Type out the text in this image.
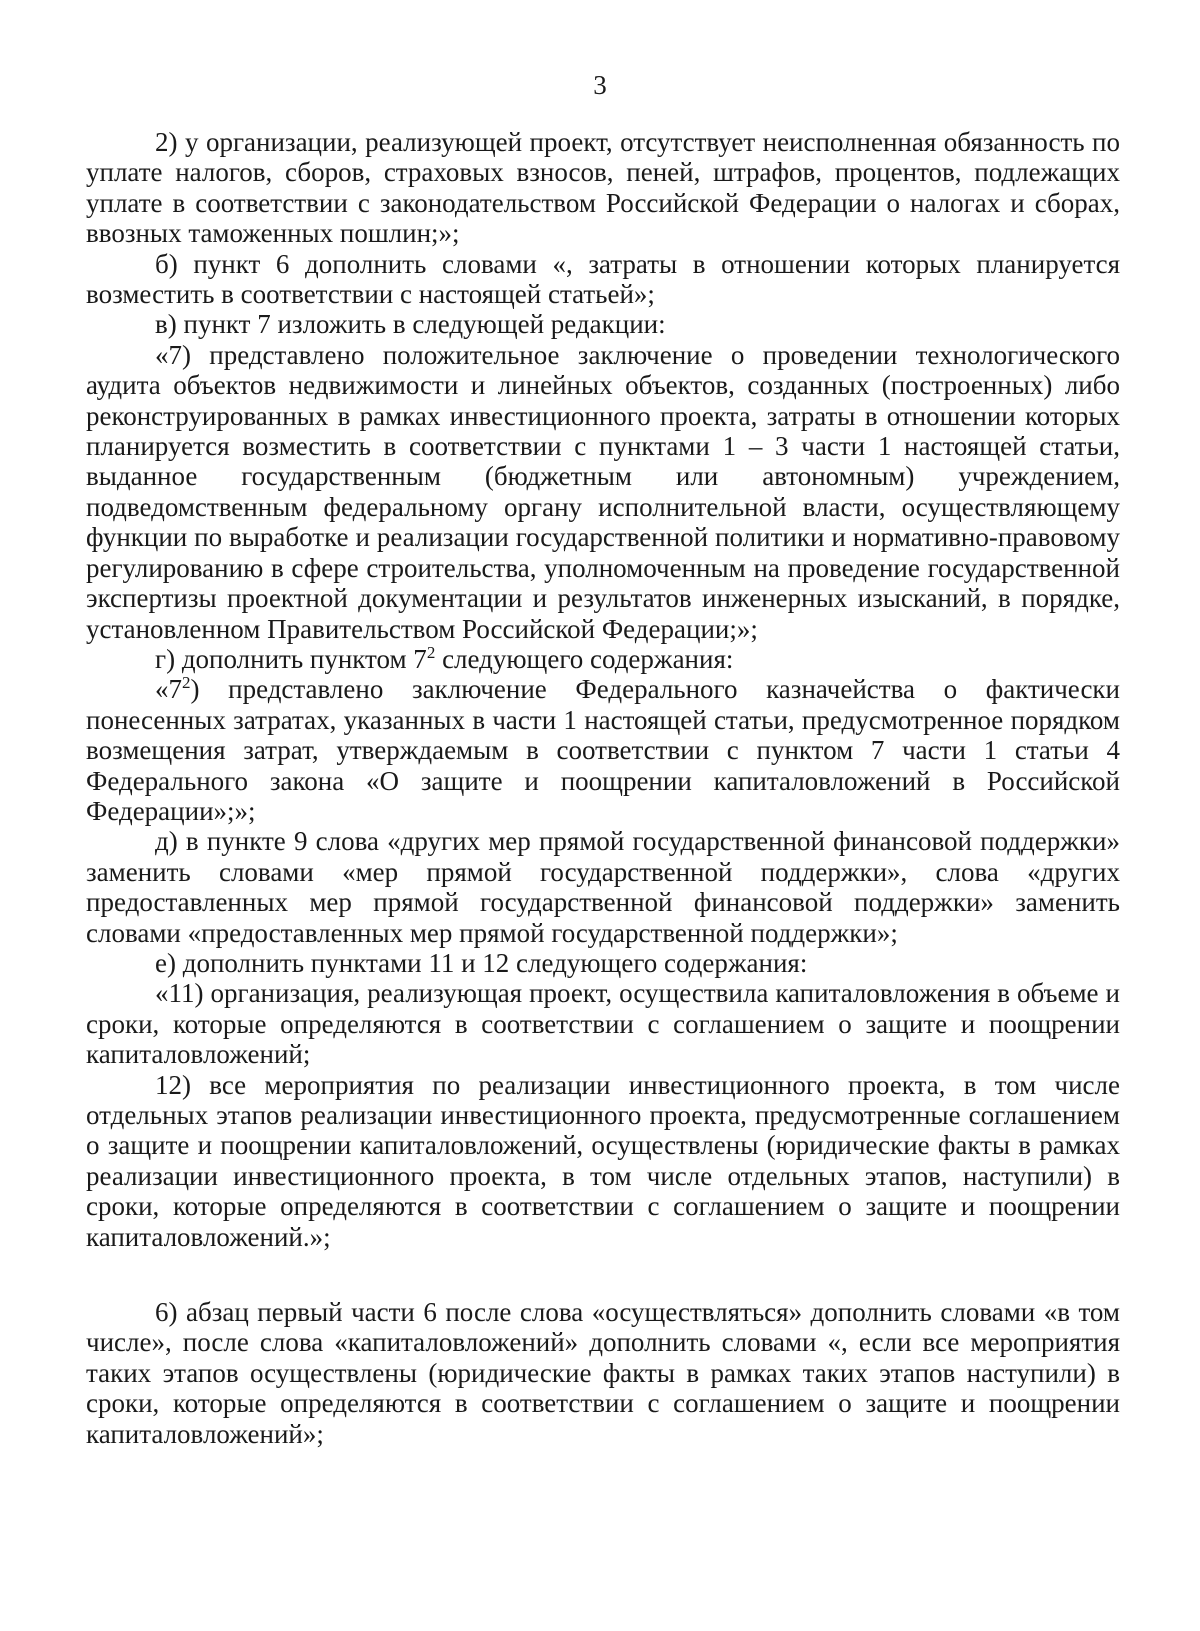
3

2) у организации, реализующей проект, отсутствует неисполненная обязанность по уплате налогов, сборов, страховых взносов, пеней, штрафов, процентов, подлежащих уплате в соответствии с законодательством Российской Федерации о налогах и сборах, ввозных таможенных пошлин;»;

б) пункт 6 дополнить словами «, затраты в отношении которых планируется возместить в соответствии с настоящей статьей»;

в) пункт 7 изложить в следующей редакции:

«7) представлено положительное заключение о проведении технологического аудита объектов недвижимости и линейных объектов, созданных (построенных) либо реконструированных в рамках инвестиционного проекта, затраты в отношении которых планируется возместить в соответствии с пунктами 1 – 3 части 1 настоящей статьи, выданное государственным (бюджетным или автономным) учреждением, подведомственным федеральному органу исполнительной власти, осуществляющему функции по выработке и реализации государственной политики и нормативно-правовому регулированию в сфере строительства, уполномоченным на проведение государственной экспертизы проектной документации и результатов инженерных изысканий, в порядке, установленном Правительством Российской Федерации;»;

г) дополнить пунктом $7^2$ следующего содержания:

«$7^2$) представлено заключение Федерального казначейства о фактически понесенных затратах, указанных в части 1 настоящей статьи, предусмотренное порядком возмещения затрат, утверждаемым в соответствии с пунктом 7 части 1 статьи 4 Федерального закона «О защите и поощрении капиталовложений в Российской Федерации»;»;

д) в пункте 9 слова «других мер прямой государственной финансовой поддержки» заменить словами «мер прямой государственной поддержки», слова «других предоставленных мер прямой государственной финансовой поддержки» заменить словами «предоставленных мер прямой государственной поддержки»;

е) дополнить пунктами 11 и 12 следующего содержания:

«11) организация, реализующая проект, осуществила капиталовложения в объеме и сроки, которые определяются в соответствии с соглашением о защите и поощрении капиталовложений;

12) все мероприятия по реализации инвестиционного проекта, в том числе отдельных этапов реализации инвестиционного проекта, предусмотренные соглашением о защите и поощрении капиталовложений, осуществлены (юридические факты в рамках реализации инвестиционного проекта, в том числе отдельных этапов, наступили) в сроки, которые определяются в соответствии с соглашением о защите и поощрении капиталовложений.»;

6) абзац первый части 6 после слова «осуществляться» дополнить словами «в том числе», после слова «капиталовложений» дополнить словами «, если все мероприятия таких этапов осуществлены (юридические факты в рамках таких этапов наступили) в сроки, которые определяются в соответствии с соглашением о защите и поощрении капиталовложений»;
